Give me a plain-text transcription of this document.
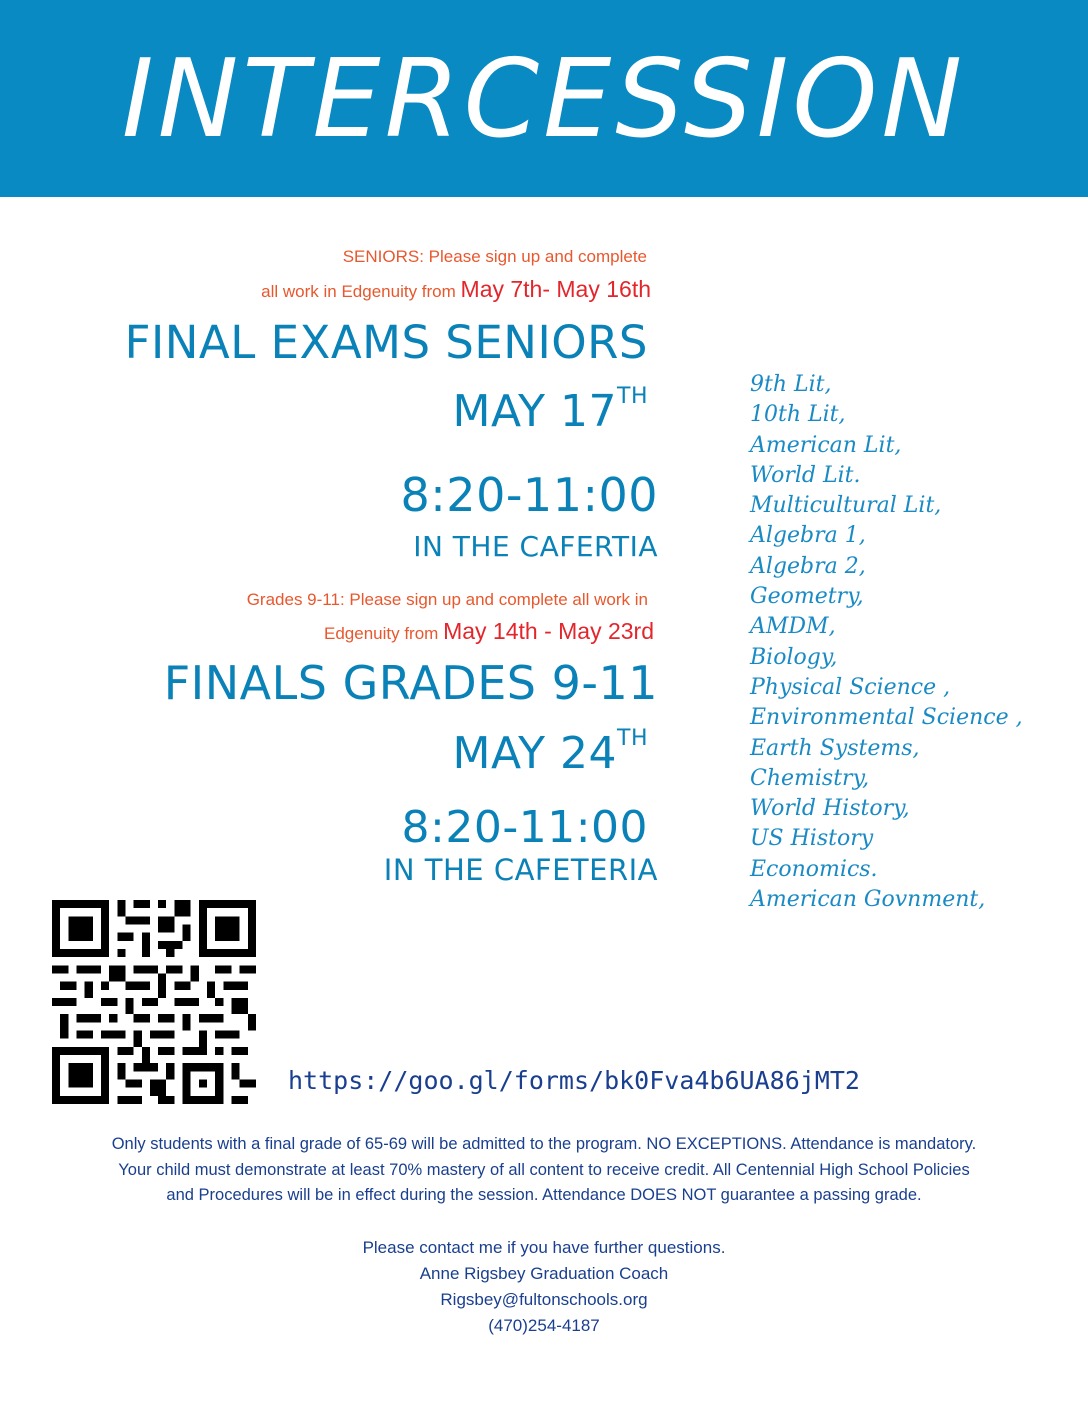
INTERCESSION
SENIORS: Please sign up and complete
all work in Edgenuity from May 7th- May 16th
FINAL EXAMS SENIORS
MAY 17TH
8:20-11:00
IN THE CAFERTIA
Grades 9-11: Please sign up and complete all work in
Edgenuity from May 14th - May 23rd
FINALS GRADES 9-11
MAY 24TH
8:20-11:00
IN THE CAFETERIA
9th Lit,
10th Lit,
American Lit,
World Lit.
Multicultural Lit,
Algebra 1,
Algebra 2,
Geometry,
AMDM,
Biology,
Physical Science ,
Environmental Science ,
Earth Systems,
Chemistry,
World History,
US History
Economics.
American Govnment,
https://goo.gl/forms/bk0Fva4b6UA86jMT2
Only students with a final grade of 65-69 will be admitted to the program. NO EXCEPTIONS. Attendance is mandatory.
Your child must demonstrate at least 70% mastery of all content to receive credit. All Centennial High School Policies
and Procedures will be in effect during the session. Attendance DOES NOT guarantee a passing grade.
Please contact me if you have further questions.
Anne Rigsbey Graduation Coach
Rigsbey@fultonschools.org
(470)254-4187
